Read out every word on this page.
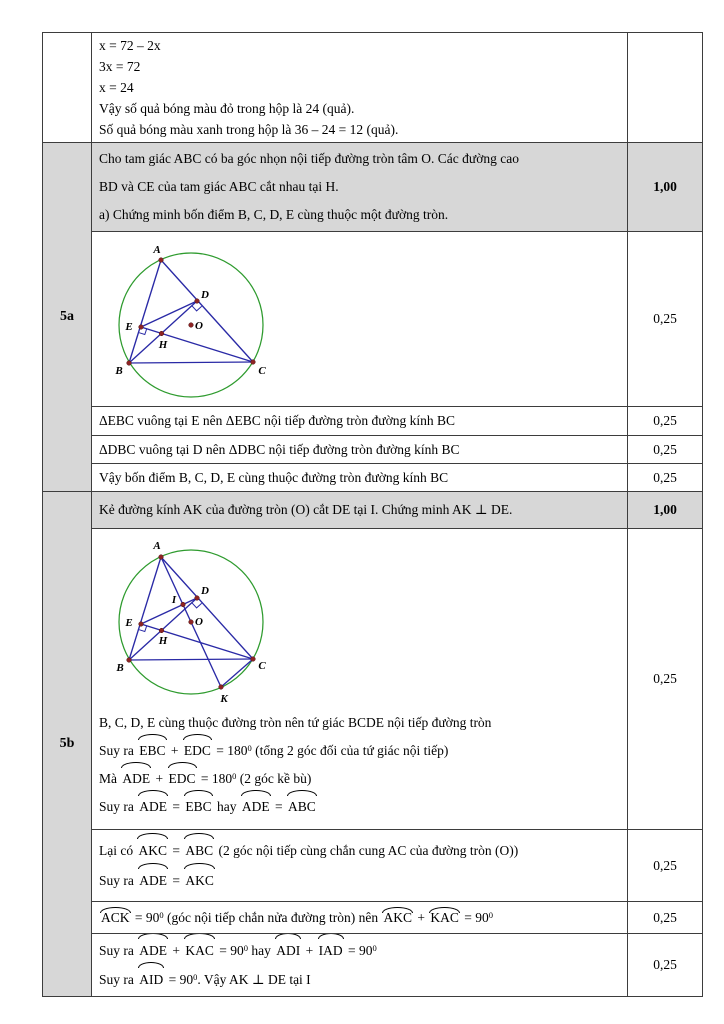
	x = 72 – 2x
3x = 72
x = 24
Vậy số quả bóng màu đỏ trong hộp là 24 (quả).
Số quả bóng màu xanh trong hộp là 36 – 24 = 12 (quả).	

5a	Cho tam giác ABC có ba góc nhọn nội tiếp đường tròn tâm O. Các đường cao
BD và CE của tam giác ABC cắt nhau tại H.
a) Chứng minh bốn điểm B, C, D, E cùng thuộc một đường tròn.	1,00

A
B	C
D
E
H
O	0,25

	ΔEBC vuông tại E nên ΔEBC nội tiếp đường tròn đường kính BC	0,25

	ΔDBC vuông tại D nên ΔDBC nội tiếp đường tròn đường kính BC	0,25

	Vậy bốn điểm B, C, D, E cùng thuộc đường tròn đường kính BC	0,25
5b	Kẻ đường kính AK của đường tròn (O) cắt DE tại I. Chứng minh AK ⊥ DE.	1,00

A
B	C
D
E
H
O
I
K
B, C, D, E cùng thuộc đường tròn nên tứ giác BCDE nội tiếp đường tròn
Suy ra EBC + EDC = $180^0$ (tổng 2 góc đối của tứ giác nội tiếp)
Mà ADE + EDC = $180^0$ (2 góc kề bù)
Suy ra ADE = EBC hay ADE = ABC
	0,25

	Lại có AKC = ABC (2 góc nội tiếp cùng chắn cung AC của đường tròn (O))
Suy ra ADE = AKC	0,25

	ACK = $90^0$ (góc nội tiếp chắn nửa đường tròn) nên AKC + KAC = $90^0$	0,25

	Suy ra ADE + KAC = $90^0$ hay ADI + IAD = $90^0$
Suy ra AID = $90^0$. Vậy AK ⊥ DE tại I	0,25
